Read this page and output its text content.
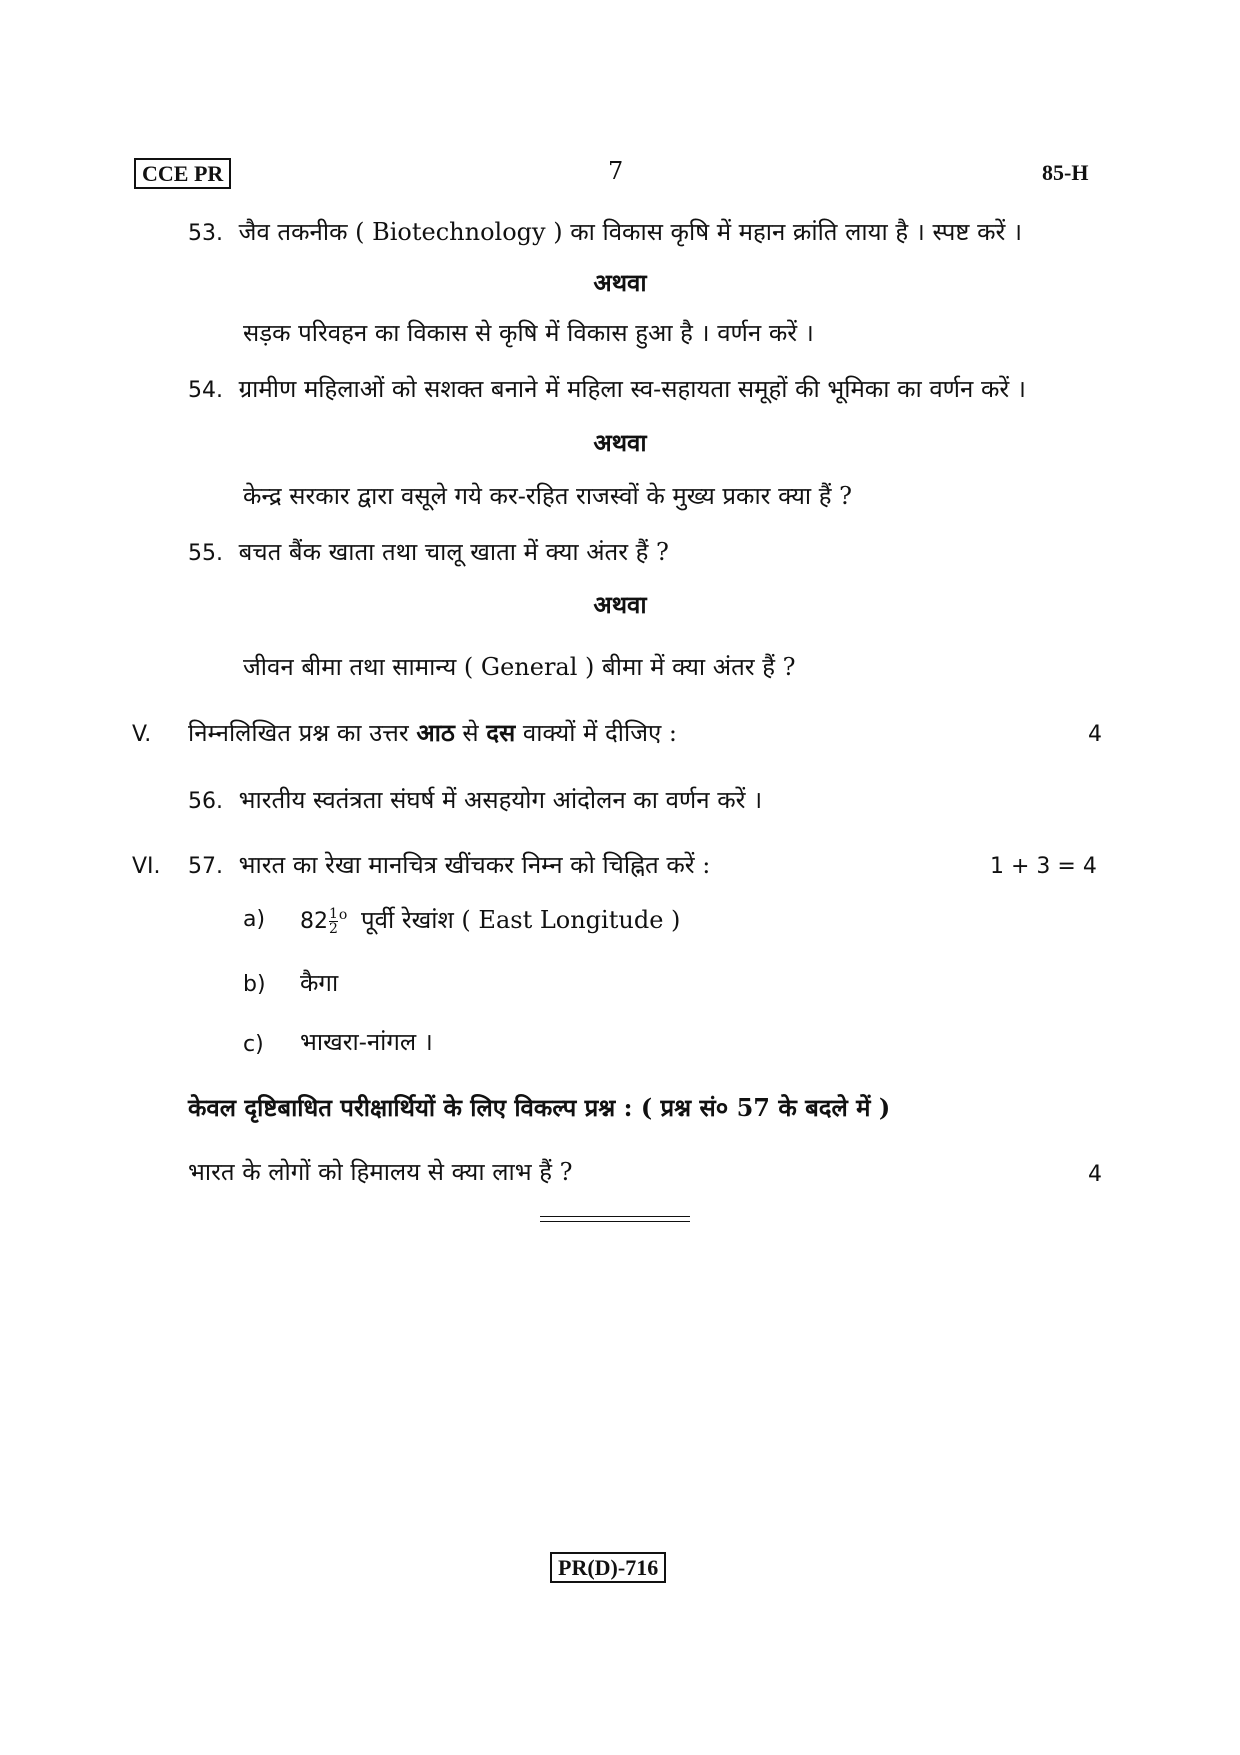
CCE PR	7	85-H
53. जैव तकनीक ( Biotechnology ) का विकास कृषि में महान क्रांति लाया है । स्पष्ट करें ।
अथवा
सड़क परिवहन का विकास से कृषि में विकास हुआ है । वर्णन करें ।
54. ग्रामीण महिलाओं को सशक्त बनाने में महिला स्व-सहायता समूहों की भूमिका का वर्णन करें ।
अथवा
केन्द्र सरकार द्वारा वसूले गये कर-रहित राजस्वों के मुख्य प्रकार क्या हैं ?
55. बचत बैंक खाता तथा चालू खाता में क्या अंतर हैं ?
अथवा
जीवन बीमा तथा सामान्य ( General ) बीमा में क्या अंतर हैं ?
V. निम्नलिखित प्रश्न का उत्तर आठ से दस वाक्यों में दीजिए :	4
56. भारतीय स्वतंत्रता संघर्ष में असहयोग आंदोलन का वर्णन करें ।
VI. 57. भारत का रेखा मानचित्र खींचकर निम्न को चिह्नित करें :	1 + 3 = 4
a) $82 \frac{1}{2} ^o$ पूर्वी रेखांश ( East Longitude )
b) कैगा
c) भाखरा-नांगल ।
केवल दृष्टिबाधित परीक्षार्थियों के लिए विकल्प प्रश्न : ( प्रश्न सं० 57 के बदले में )
भारत के लोगों को हिमालय से क्या लाभ हैं ?	4
PR(D)-716
